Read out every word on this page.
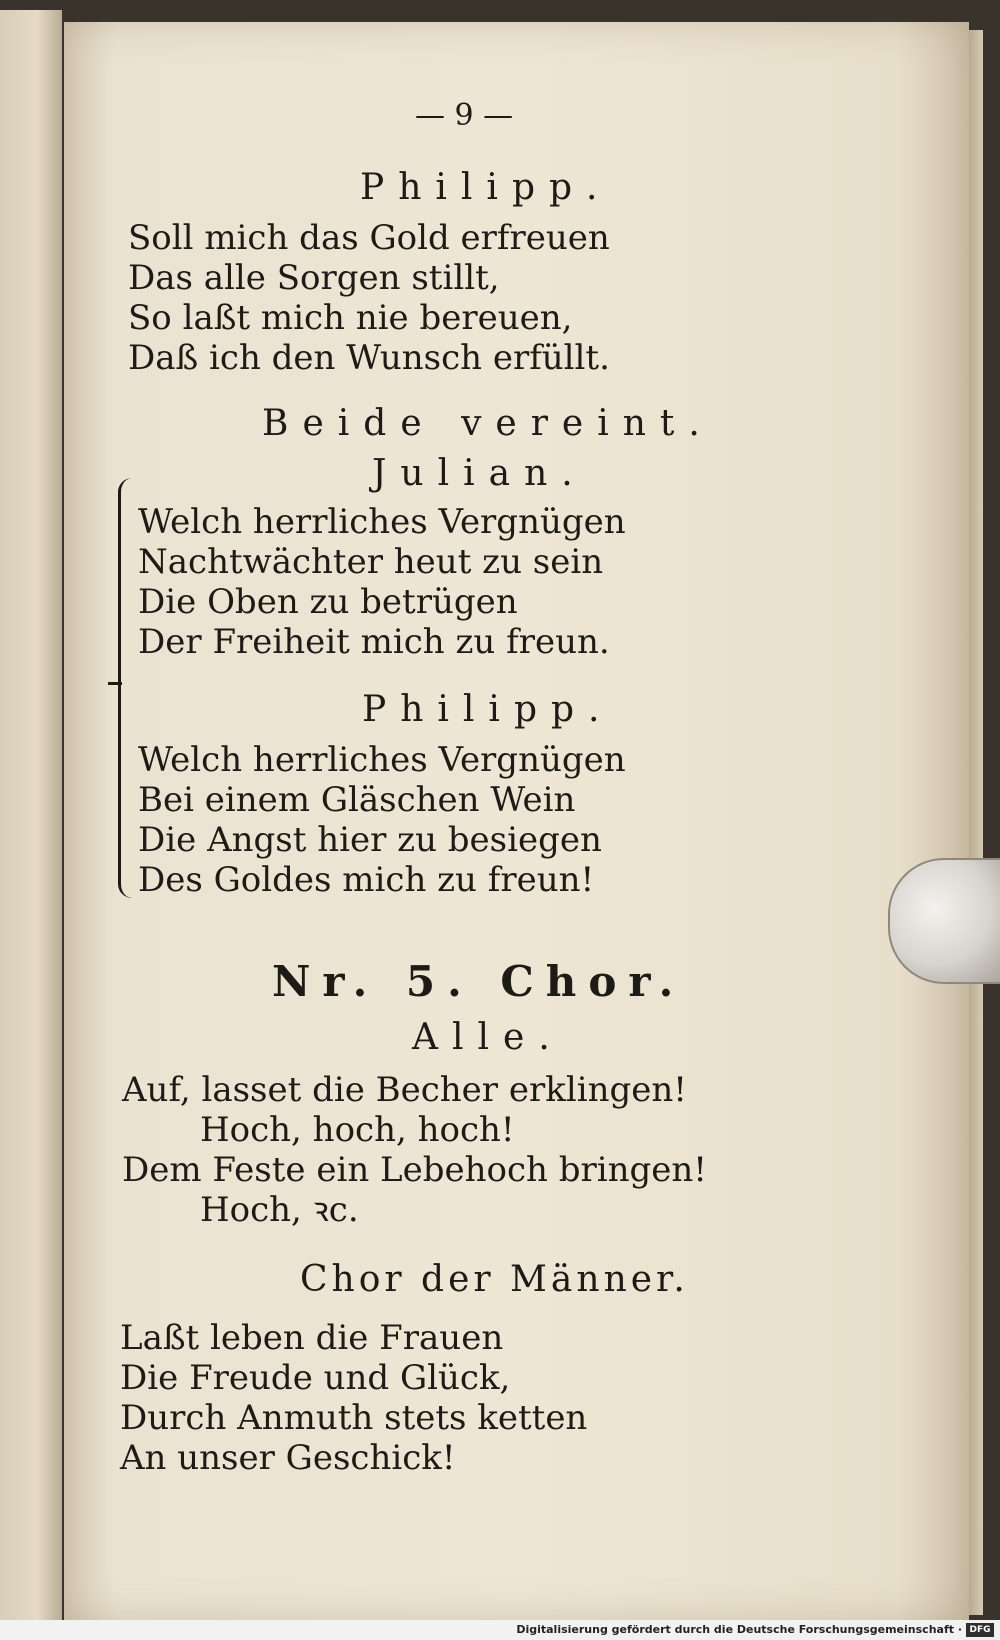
— 9 —
Philipp.
Soll mich das Gold erfreuen
Das alle Sorgen stillt,
So laßt mich nie bereuen,
Daß ich den Wunsch erfüllt.
Beide vereint.
Julian.
Welch herrliches Vergnügen
Nachtwächter heut zu sein
Die Oben zu betrügen
Der Freiheit mich zu freun.
Philipp.
Welch herrliches Vergnügen
Bei einem Gläschen Wein
Die Angst hier zu besiegen
Des Goldes mich zu freun!
Nr. 5. Chor.
Alle.
Auf, lasset die Becher erklingen!
Hoch, hoch, hoch!
Dem Feste ein Lebehoch bringen!
Hoch, ꝛc.
Chor der Männer.
Laßt leben die Frauen
Die Freude und Glück,
Durch Anmuth stets ketten
An unser Geschick!
Digitalisierung gefördert durch die Deutsche Forschungsgemeinschaft · DFG
